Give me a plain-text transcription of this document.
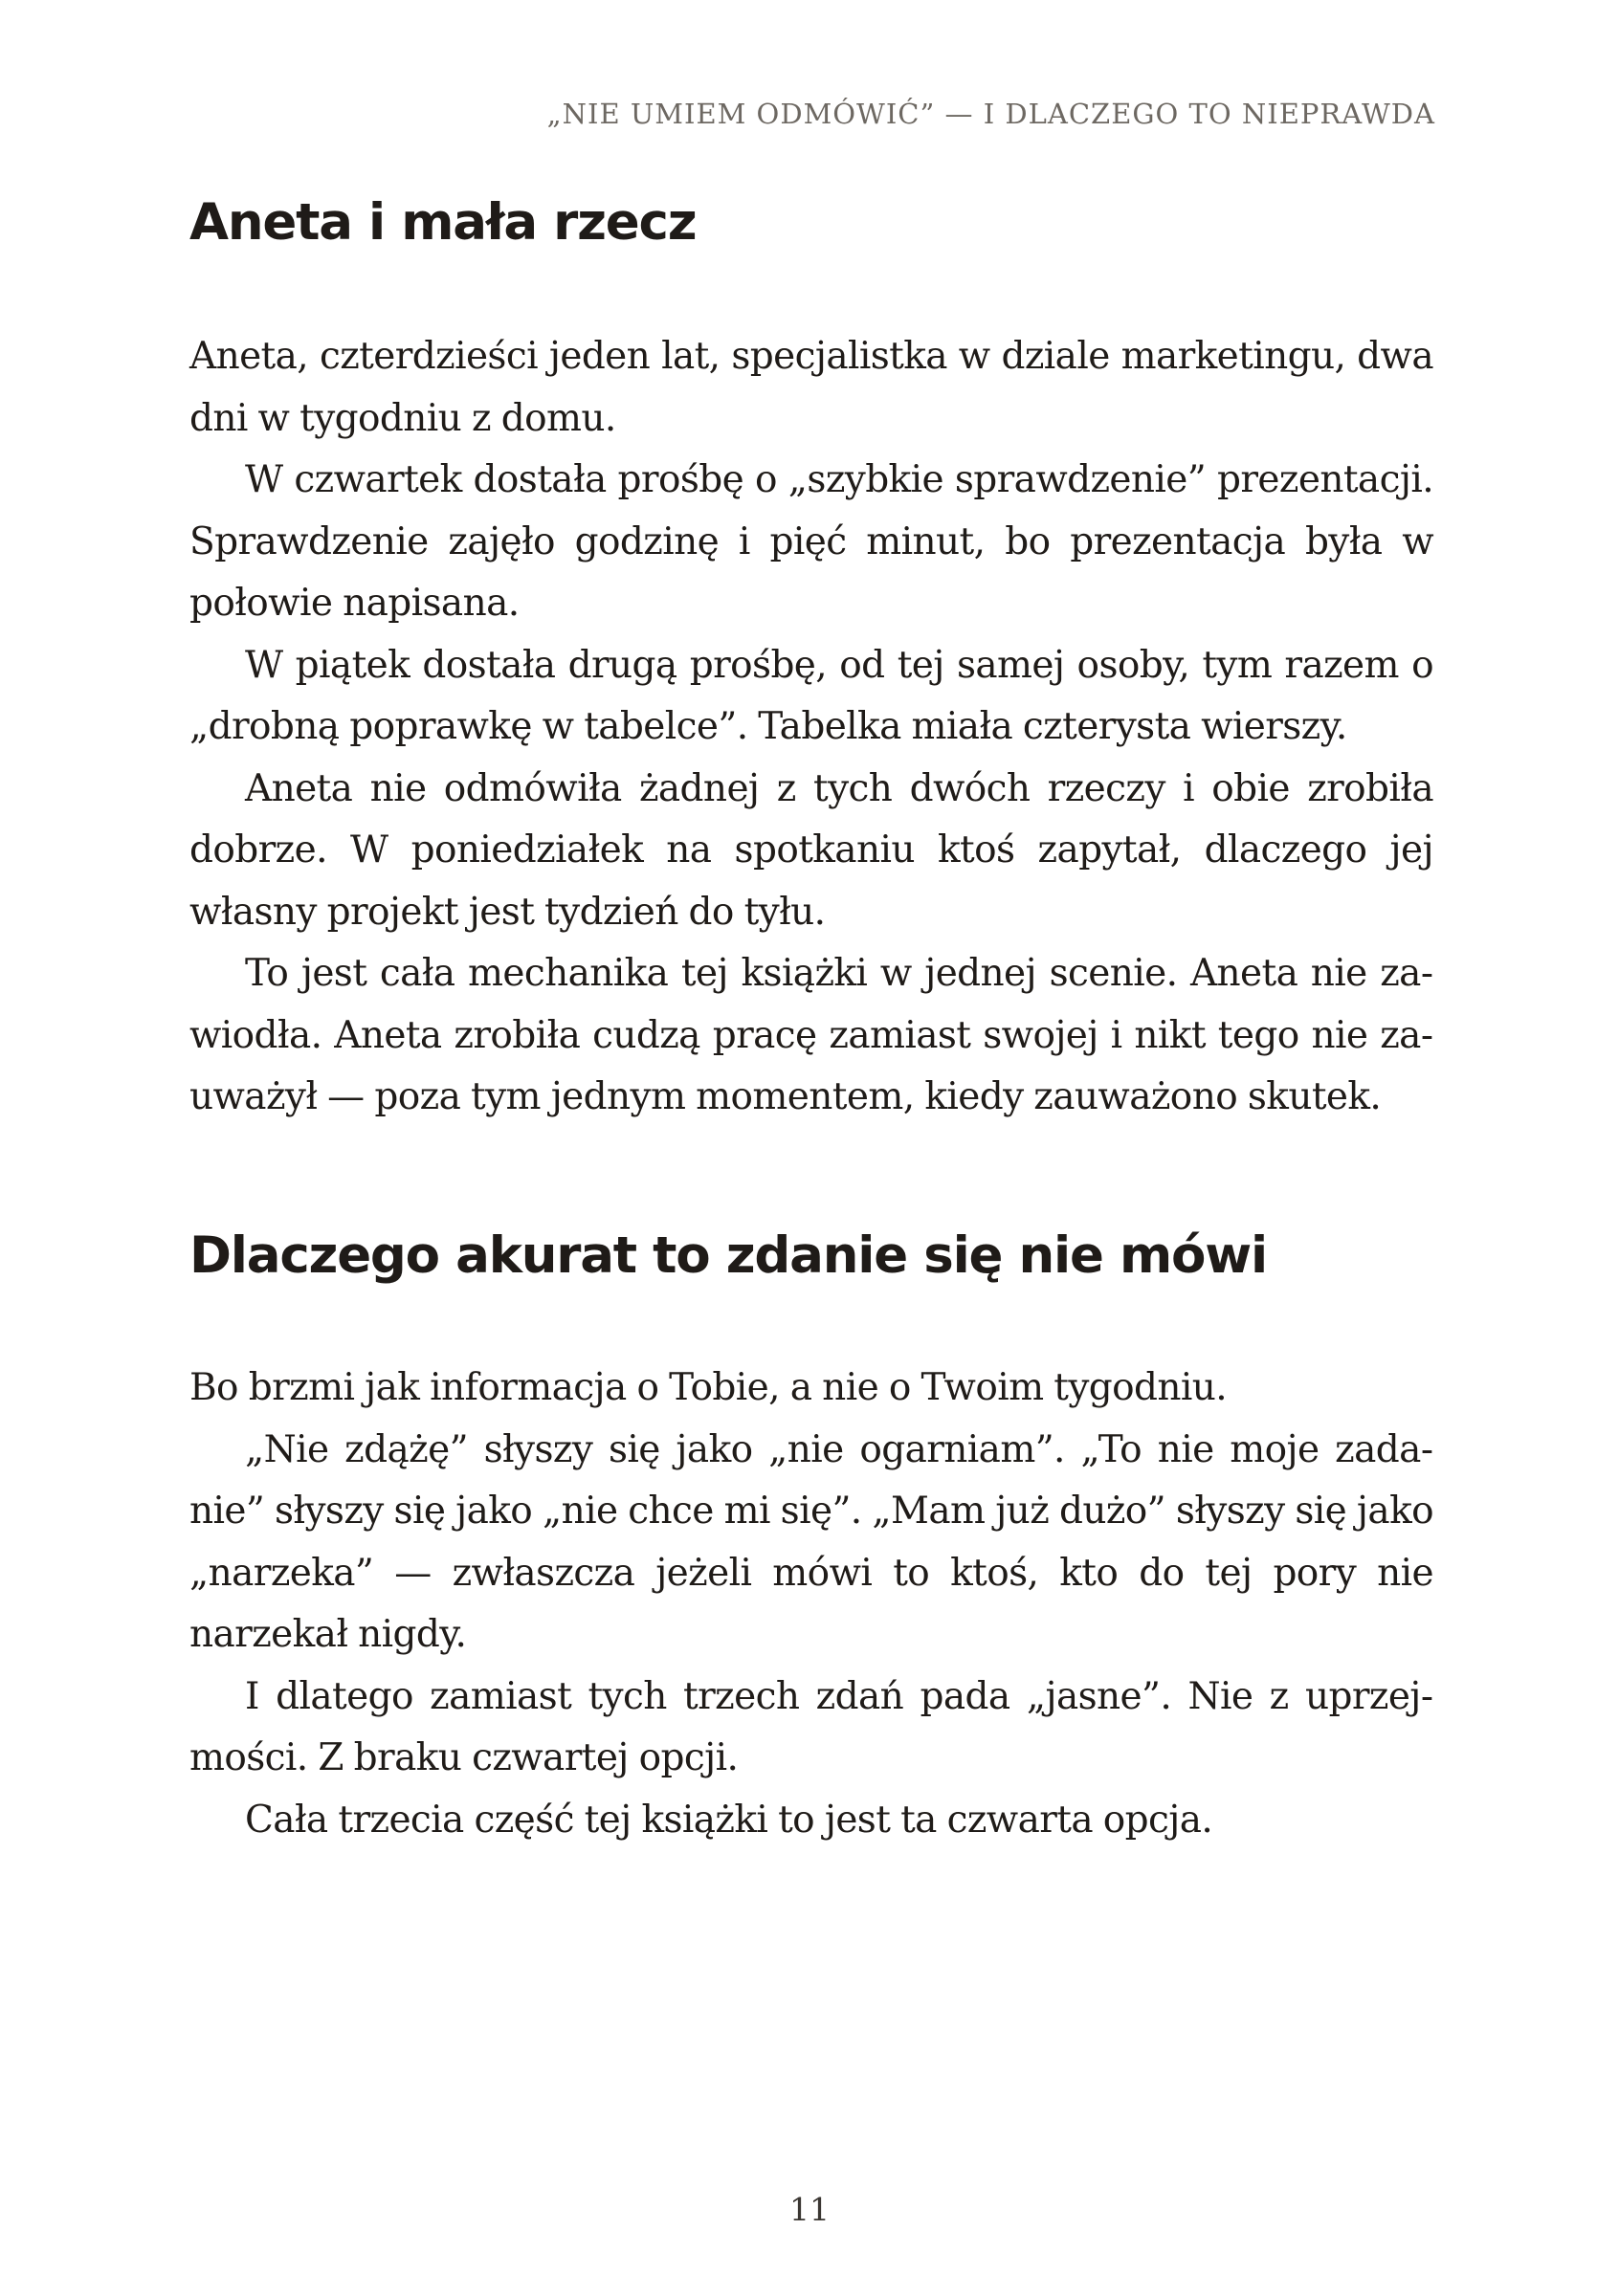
„NIE UMIEM ODMÓWIĆ” — I DLACZEGO TO NIEPRAWDA
Aneta i mała rzecz

Aneta, czterdzieści jeden lat, specjalistka w dziale marketingu, dwa dni w tygodniu z domu.

W czwartek dostała prośbę o „szybkie sprawdzenie” prezentacji. Sprawdzenie zajęło godzinę i pięć minut, bo prezentacja była w połowie napisana.

W piątek dostała drugą prośbę, od tej samej osoby, tym razem o „drobną poprawkę w tabelce”. Tabelka miała czterysta wierszy.

Aneta nie odmówiła żadnej z tych dwóch rzeczy i obie zrobiła dobrze. W poniedziałek na spotkaniu ktoś zapytał, dlaczego jej własny projekt jest tydzień do tyłu.

To jest cała mechanika tej książki w jednej scenie. Aneta nie zawiodła. Aneta zrobiła cudzą pracę zamiast swojej i nikt tego nie zauważył — poza tym jednym momentem, kiedy zauważono skutek.

Dlaczego akurat to zdanie się nie mówi

Bo brzmi jak informacja o Tobie, a nie o Twoim tygodniu.

„Nie zdążę” słyszy się jako „nie ogarniam”. „To nie moje zadanie” słyszy się jako „nie chce mi się”. „Mam już dużo” słyszy się jako „narzeka” — zwłaszcza jeżeli mówi to ktoś, kto do tej pory nie narzekał nigdy.

I dlatego zamiast tych trzech zdań pada „jasne”. Nie z uprzejmości. Z braku czwartej opcji.

Cała trzecia część tej książki to jest ta czwarta opcja.

11
